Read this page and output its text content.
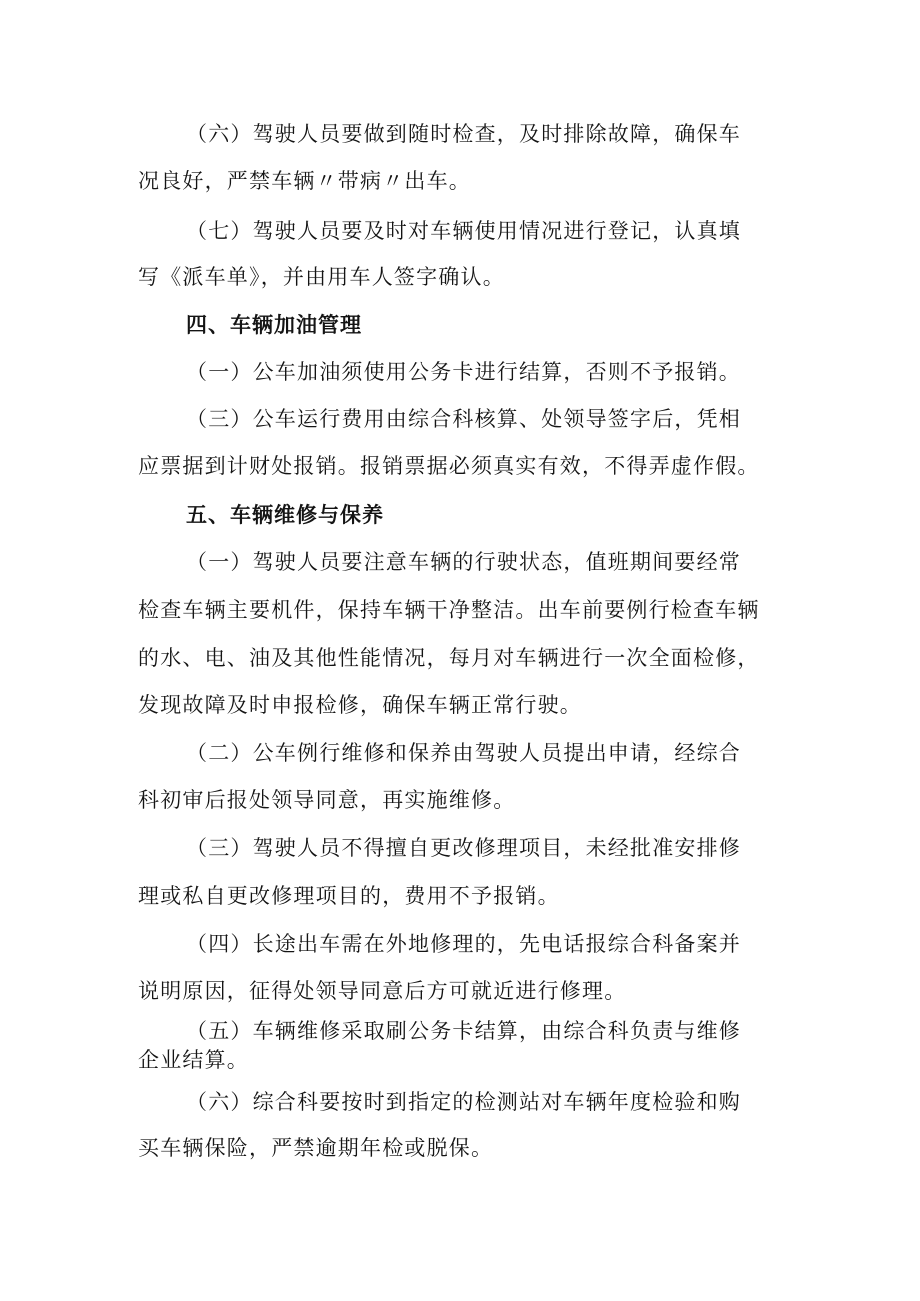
（六）驾驶人员要做到随时检查，及时排除故障，确保车

况良好，严禁车辆〃带病〃出车。

（七）驾驶人员要及时对车辆使用情况进行登记，认真填

写《派车单》，并由用车人签字确认。

四、车辆加油管理

（一）公车加油须使用公务卡进行结算，否则不予报销。

（三）公车运行费用由综合科核算、处领导签字后，凭相

应票据到计财处报销。报销票据必须真实有效，不得弄虚作假。

五、车辆维修与保养

（一）驾驶人员要注意车辆的行驶状态，值班期间要经常

检查车辆主要机件，保持车辆干净整洁。出车前要例行检查车辆

的水、电、油及其他性能情况，每月对车辆进行一次全面检修，

发现故障及时申报检修，确保车辆正常行驶。

（二）公车例行维修和保养由驾驶人员提出申请，经综合

科初审后报处领导同意，再实施维修。

（三）驾驶人员不得擅自更改修理项目，未经批准安排修

理或私自更改修理项目的，费用不予报销。

（四）长途出车需在外地修理的，先电话报综合科备案并

说明原因，征得处领导同意后方可就近进行修理。

（五）车辆维修采取刷公务卡结算，由综合科负责与维修

企业结算。

（六）综合科要按时到指定的检测站对车辆年度检验和购

买车辆保险，严禁逾期年检或脱保。
